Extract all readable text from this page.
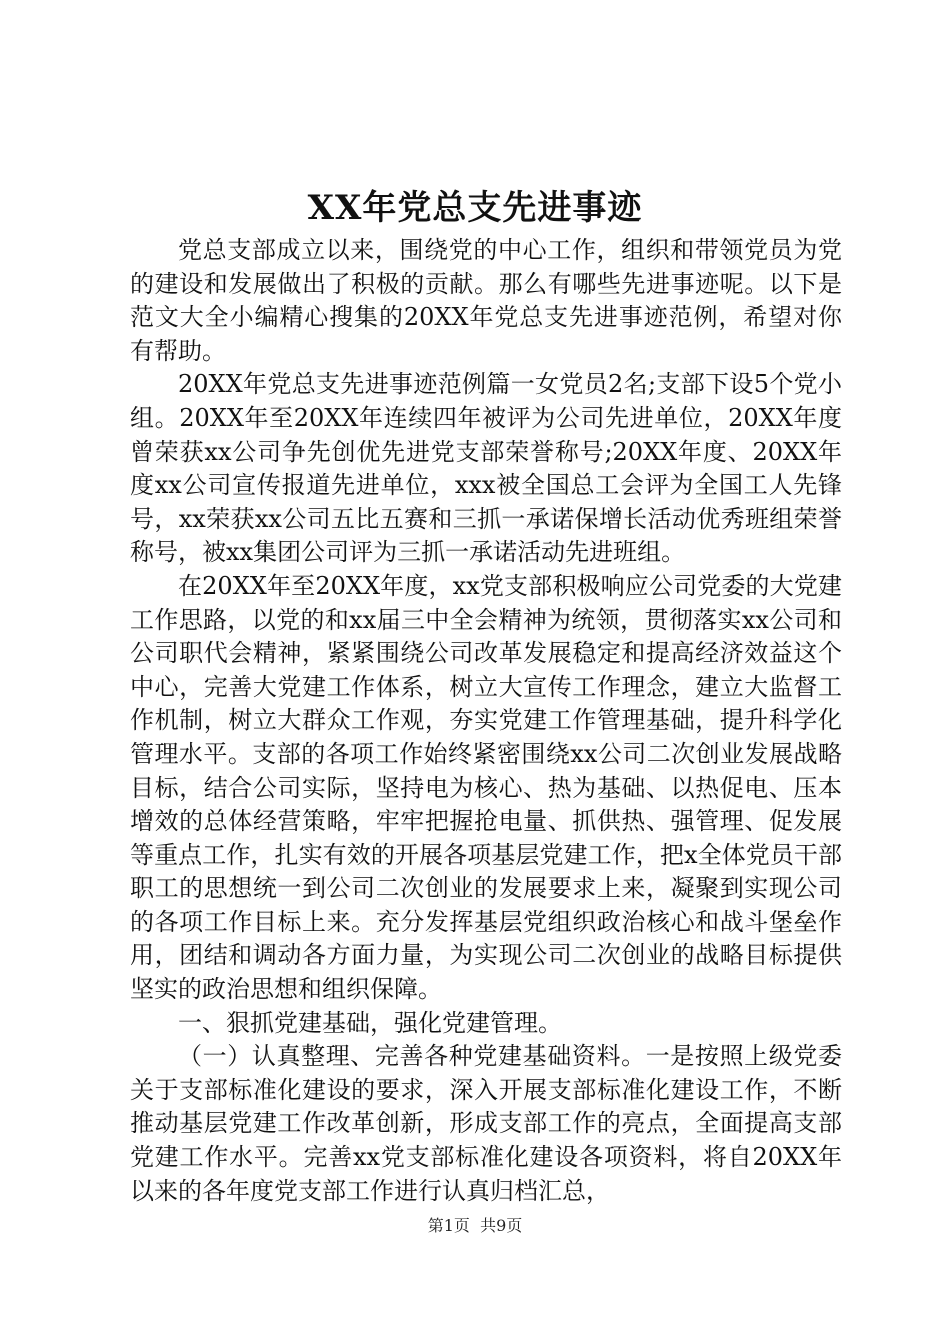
XX年党总支先进事迹

党总支部成立以来，围绕党的中心工作，组织和带领党员为党的建设和发展做出了积极的贡献。那么有哪些先进事迹呢。以下是范文大全小编精心搜集的20XX年党总支先进事迹范例，希望对你有帮助。

20XX年党总支先进事迹范例篇一女党员2名;支部下设5个党小组。20XX年至20XX年连续四年被评为公司先进单位，20XX年度曾荣获xx公司争先创优先进党支部荣誉称号;20XX年度、20XX年度xx公司宣传报道先进单位，xxx被全国总工会评为全国工人先锋号，xx荣获xx公司五比五赛和三抓一承诺保增长活动优秀班组荣誉称号，被xx集团公司评为三抓一承诺活动先进班组。

在20XX年至20XX年度，xx党支部积极响应公司党委的大党建工作思路，以党的和xx届三中全会精神为统领，贯彻落实xx公司和公司职代会精神，紧紧围绕公司改革发展稳定和提高经济效益这个中心，完善大党建工作体系，树立大宣传工作理念，建立大监督工作机制，树立大群众工作观，夯实党建工作管理基础，提升科学化管理水平。支部的各项工作始终紧密围绕xx公司二次创业发展战略目标，结合公司实际，坚持电为核心、热为基础、以热促电、压本增效的总体经营策略，牢牢把握抢电量、抓供热、强管理、促发展等重点工作，扎实有效的开展各项基层党建工作，把x全体党员干部职工的思想统一到公司二次创业的发展要求上来，凝聚到实现公司的各项工作目标上来。充分发挥基层党组织政治核心和战斗堡垒作用，团结和调动各方面力量，为实现公司二次创业的战略目标提供坚实的政治思想和组织保障。

一、狠抓党建基础，强化党建管理。

（一）认真整理、完善各种党建基础资料。一是按照上级党委关于支部标准化建设的要求，深入开展支部标准化建设工作，不断推动基层党建工作改革创新，形成支部工作的亮点，全面提高支部党建工作水平。完善xx党支部标准化建设各项资料，将自20XX年以来的各年度党支部工作进行认真归档汇总，

第1页  共9页
